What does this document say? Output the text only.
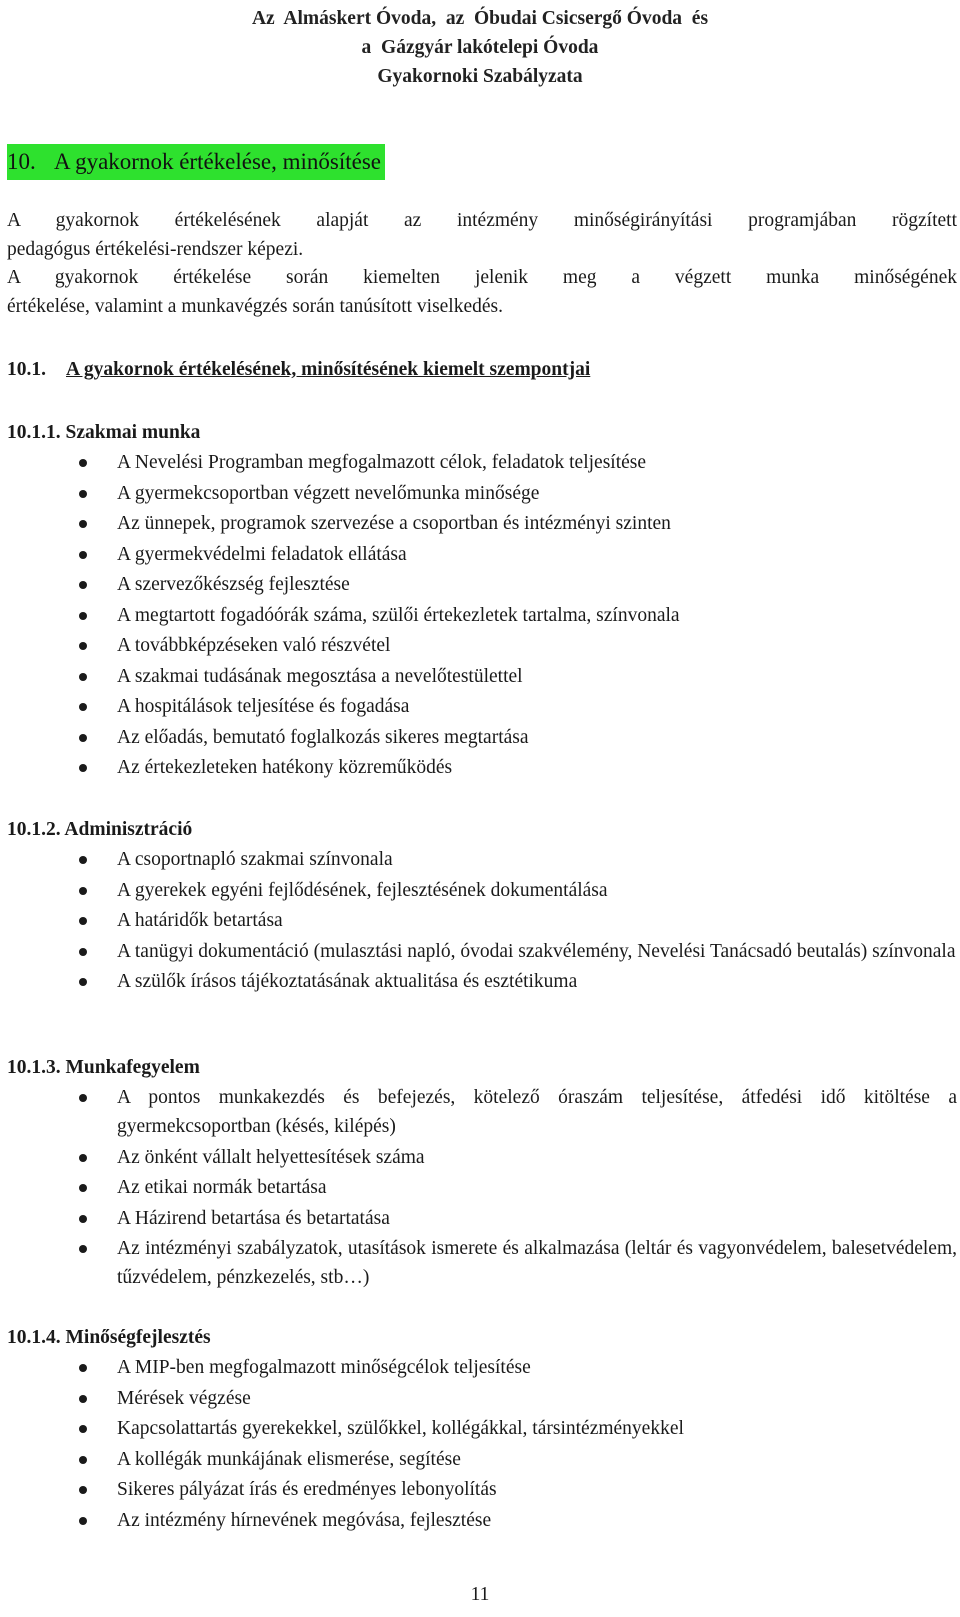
Az  Almáskert Óvoda,  az  Óbudai Csicsergő Óvoda  és
a  Gázgyár lakótelepi Óvoda
Gyakornoki Szabályzata
10. A gyakornok értékelése, minősítése
A gyakornok értékelésének alapját az intézmény minőségirányítási programjában rögzített
pedagógus értékelési-rendszer képezi.
A gyakornok értékelése során kiemelten jelenik meg a végzett munka minőségének
értékelése, valamint a munkavégzés során tanúsított viselkedés.
10.1. A gyakornok értékelésének, minősítésének kiemelt szempontjai
10.1.1. Szakmai munka
A Nevelési Programban megfogalmazott célok, feladatok teljesítése
A gyermekcsoportban végzett nevelőmunka minősége
Az ünnepek, programok szervezése a csoportban és intézményi szinten
A gyermekvédelmi feladatok ellátása
A szervezőkészség fejlesztése
A megtartott fogadóórák száma, szülői értekezletek tartalma, színvonala
A továbbképzéseken való részvétel
A szakmai tudásának megosztása a nevelőtestülettel
A hospitálások teljesítése és fogadása
Az előadás, bemutató foglalkozás sikeres megtartása
Az értekezleteken hatékony közreműködés
10.1.2. Adminisztráció
A csoportnapló szakmai színvonala
A gyerekek egyéni fejlődésének, fejlesztésének dokumentálása
A határidők betartása
A tanügyi dokumentáció (mulasztási napló, óvodai szakvélemény, Nevelési Tanácsadó beutalás) színvonala
A szülők írásos tájékoztatásának aktualitása és esztétikuma
10.1.3. Munkafegyelem
A pontos munkakezdés és befejezés, kötelező óraszám teljesítése, átfedési idő kitöltése a gyermekcsoportban (késés, kilépés)
Az önként vállalt helyettesítések száma
Az etikai normák betartása
A Házirend betartása és betartatása
Az intézményi szabályzatok, utasítások ismerete és alkalmazása (leltár és vagyonvédelem, balesetvédelem, tűzvédelem, pénzkezelés, stb…)
10.1.4. Minőségfejlesztés
A MIP-ben megfogalmazott minőségcélok teljesítése
Mérések végzése
Kapcsolattartás gyerekekkel, szülőkkel, kollégákkal, társintézményekkel
A kollégák munkájának elismerése, segítése
Sikeres pályázat írás és eredményes lebonyolítás
Az intézmény hírnevének megóvása, fejlesztése
11
